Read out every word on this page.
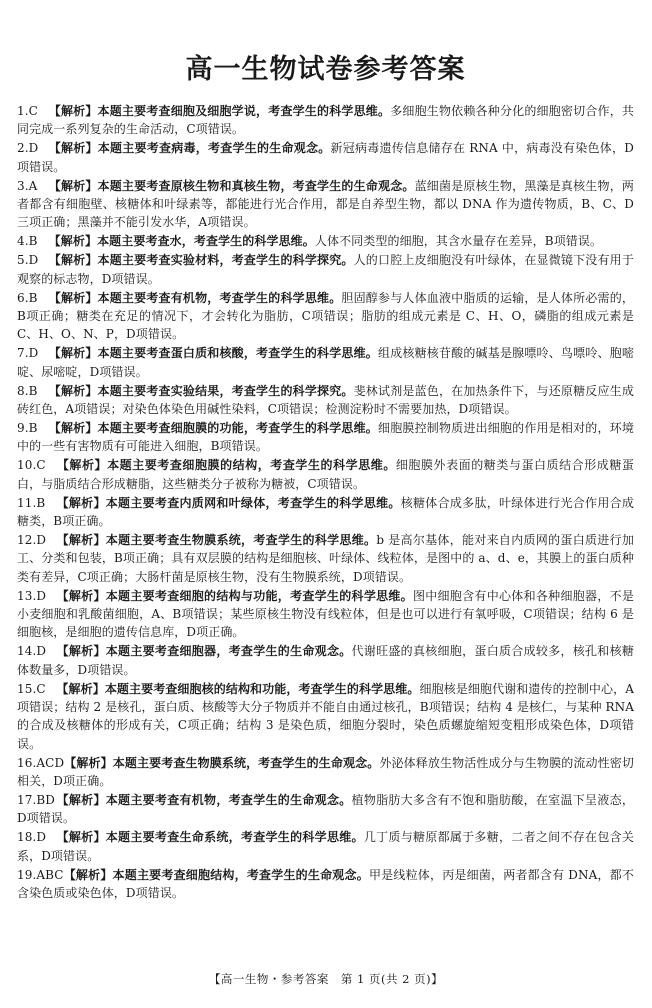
高一生物试卷参考答案

1.C 【解析】本题主要考查细胞及细胞学说，考查学生的科学思维。多细胞生物依赖各种分化的细胞密切合作，共同完成一系列复杂的生命活动，C项错误。

2.D 【解析】本题主要考查病毒，考查学生的生命观念。新冠病毒遗传信息储存在 RNA 中，病毒没有染色体，D项错误。

3.A 【解析】本题主要考查原核生物和真核生物，考查学生的生命观念。蓝细菌是原核生物，黑藻是真核生物，两者都含有细胞壁、核糖体和叶绿素等，都能进行光合作用，都是自养型生物，都以 DNA 作为遗传物质，B、C、D三项正确；黑藻并不能引发水华，A项错误。

4.B 【解析】本题主要考查水，考查学生的科学思维。人体不同类型的细胞，其含水量存在差异，B项错误。

5.D 【解析】本题主要考查实验材料，考查学生的科学探究。人的口腔上皮细胞没有叶绿体，在显微镜下没有用于观察的标志物，D项错误。

6.B 【解析】本题主要考查有机物，考查学生的科学思维。胆固醇参与人体血液中脂质的运输，是人体所必需的，B项正确；糖类在充足的情况下，才会转化为脂肪，C项错误；脂肪的组成元素是 C、H、O，磷脂的组成元素是 C、H、O、N、P，D项错误。

7.D 【解析】本题主要考查蛋白质和核酸，考查学生的科学思维。组成核糖核苷酸的碱基是腺嘌呤、鸟嘌呤、胞嘧啶、尿嘧啶，D项错误。

8.B 【解析】本题主要考查实验结果，考查学生的科学探究。斐林试剂是蓝色，在加热条件下，与还原糖反应生成砖红色，A项错误；对染色体染色用碱性染料，C项错误；检测淀粉时不需要加热，D项错误。

9.B 【解析】本题主要考查细胞膜的功能，考查学生的科学思维。细胞膜控制物质进出细胞的作用是相对的，环境中的一些有害物质有可能进入细胞，B项错误。

10.C 【解析】本题主要考查细胞膜的结构，考查学生的科学思维。细胞膜外表面的糖类与蛋白质结合形成糖蛋白，与脂质结合形成糖脂，这些糖类分子被称为糖被，C项错误。

11.B 【解析】本题主要考查内质网和叶绿体，考查学生的科学思维。核糖体合成多肽，叶绿体进行光合作用合成糖类，B项正确。

12.D 【解析】本题主要考查生物膜系统，考查学生的科学思维。b 是高尔基体，能对来自内质网的蛋白质进行加工、分类和包装，B项正确；具有双层膜的结构是细胞核、叶绿体、线粒体，是图中的 a、d、e，其膜上的蛋白质种类有差异，C项正确；大肠杆菌是原核生物，没有生物膜系统，D项错误。

13.D 【解析】本题主要考查细胞的结构与功能，考查学生的科学思维。图中细胞含有中心体和各种细胞器，不是小麦细胞和乳酸菌细胞，A、B项错误；某些原核生物没有线粒体，但是也可以进行有氧呼吸，C项错误；结构 6 是细胞核，是细胞的遗传信息库，D项正确。

14.D 【解析】本题主要考查细胞器，考查学生的生命观念。代谢旺盛的真核细胞，蛋白质合成较多，核孔和核糖体数量多，D项错误。

15.C 【解析】本题主要考查细胞核的结构和功能，考查学生的科学思维。细胞核是细胞代谢和遗传的控制中心，A项错误；结构 2 是核孔，蛋白质、核酸等大分子物质并不能自由通过核孔，B项错误；结构 4 是核仁，与某种 RNA 的合成及核糖体的形成有关，C项正确；结构 3 是染色质，细胞分裂时，染色质螺旋缩短变粗形成染色体，D项错误。

16.ACD【解析】本题主要考查生物膜系统，考查学生的生命观念。外泌体释放生物活性成分与生物膜的流动性密切相关，D项正确。

17.BD【解析】本题主要考查有机物，考查学生的生命观念。植物脂肪大多含有不饱和脂肪酸，在室温下呈液态，D项错误。

18.D 【解析】本题主要考查生命系统，考查学生的科学思维。几丁质与糖原都属于多糖，二者之间不存在包含关系，D项错误。

19.ABC【解析】本题主要考查细胞结构，考查学生的生命观念。甲是线粒体，丙是细菌，两者都含有 DNA，都不含染色质或染色体，D项错误。

【高一生物・参考答案　第 1 页(共 2 页)】
